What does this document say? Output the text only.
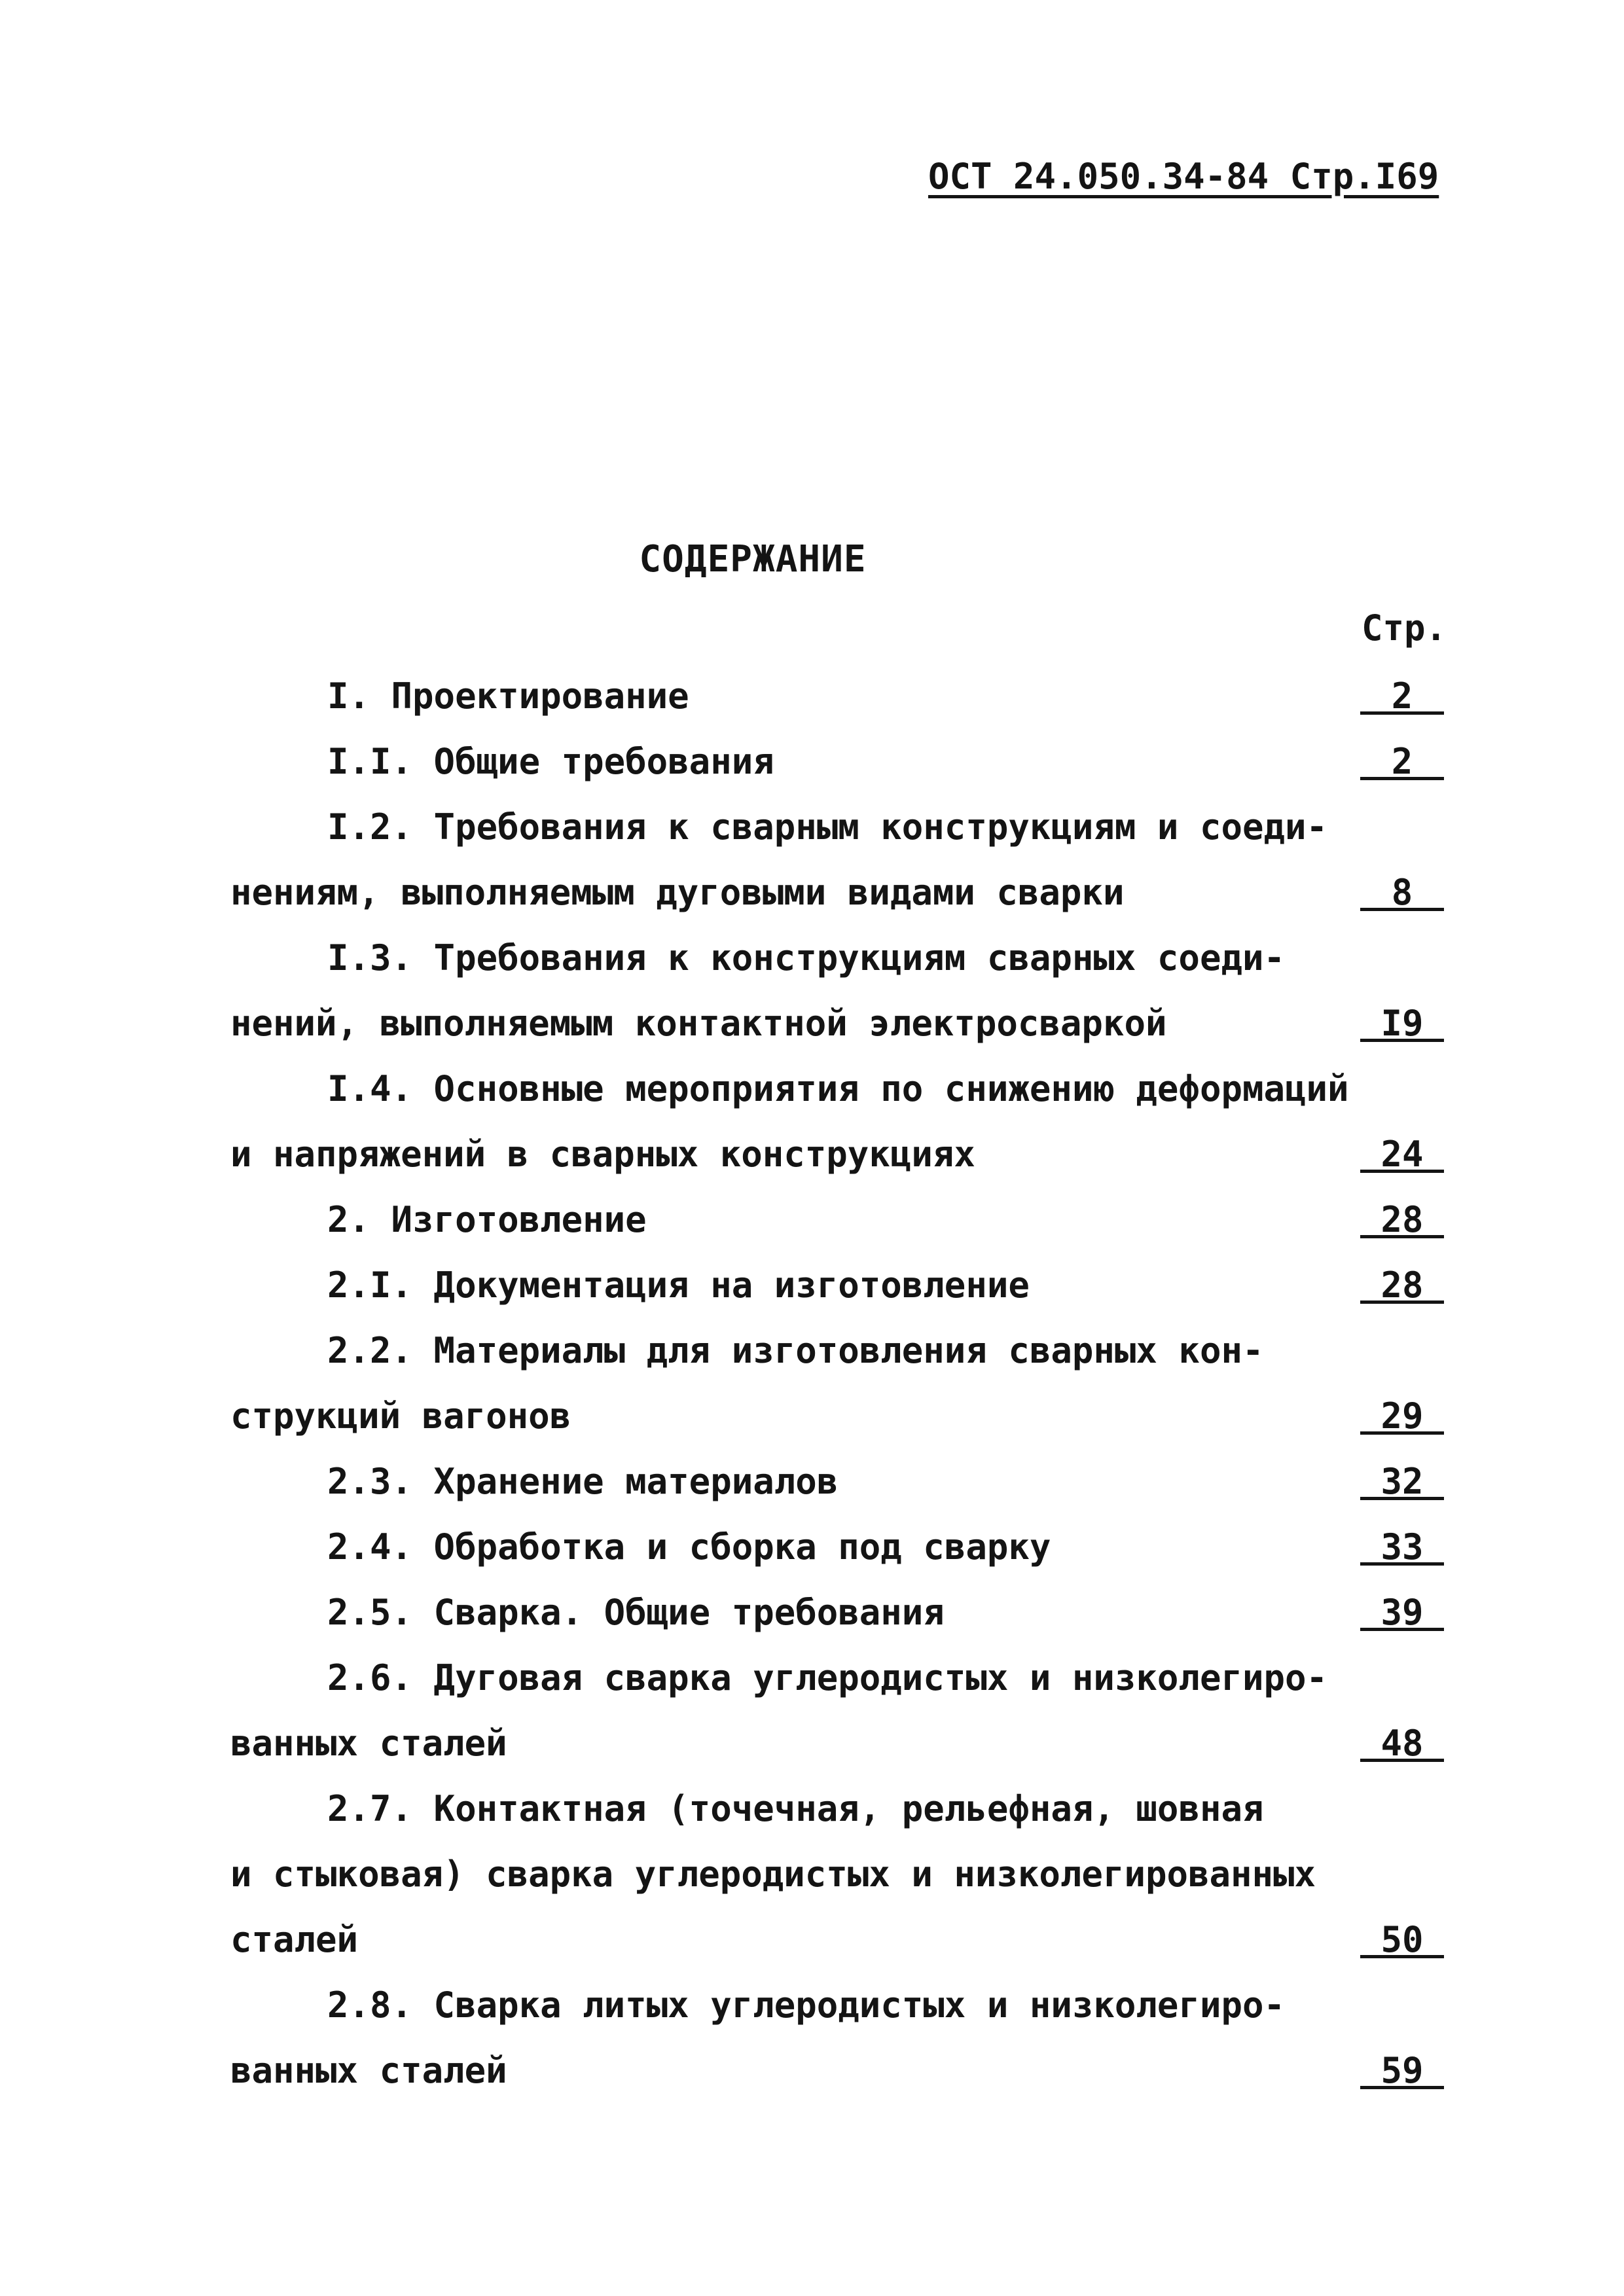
ОСТ 24.050.34-84 Стр.I69
СОДЕРЖАНИЕ
Стр.
I. Проектирование	2
I.I. Общие требования	2
I.2. Требования к сварным конструкциям и соеди-
нениям, выполняемым дуговыми видами сварки	8
I.3. Требования к конструкциям сварных соеди-
нений, выполняемым контактной электросваркой	I9
I.4. Основные мероприятия по снижению деформаций
и напряжений в сварных конструкциях	24
2. Изготовление	28
2.I. Документация на изготовление	28
2.2. Материалы для изготовления сварных кон-
струкций вагонов	29
2.3. Хранение материалов	32
2.4. Обработка и сборка под сварку	33
2.5. Сварка. Общие требования	39
2.6. Дуговая сварка углеродистых и низколегиро-
ванных сталей	48
2.7. Контактная (точечная, рельефная, шовная
и стыковая) сварка углеродистых и низколегированных
сталей	50
2.8. Сварка литых углеродистых и низколегиро-
ванных сталей	59
